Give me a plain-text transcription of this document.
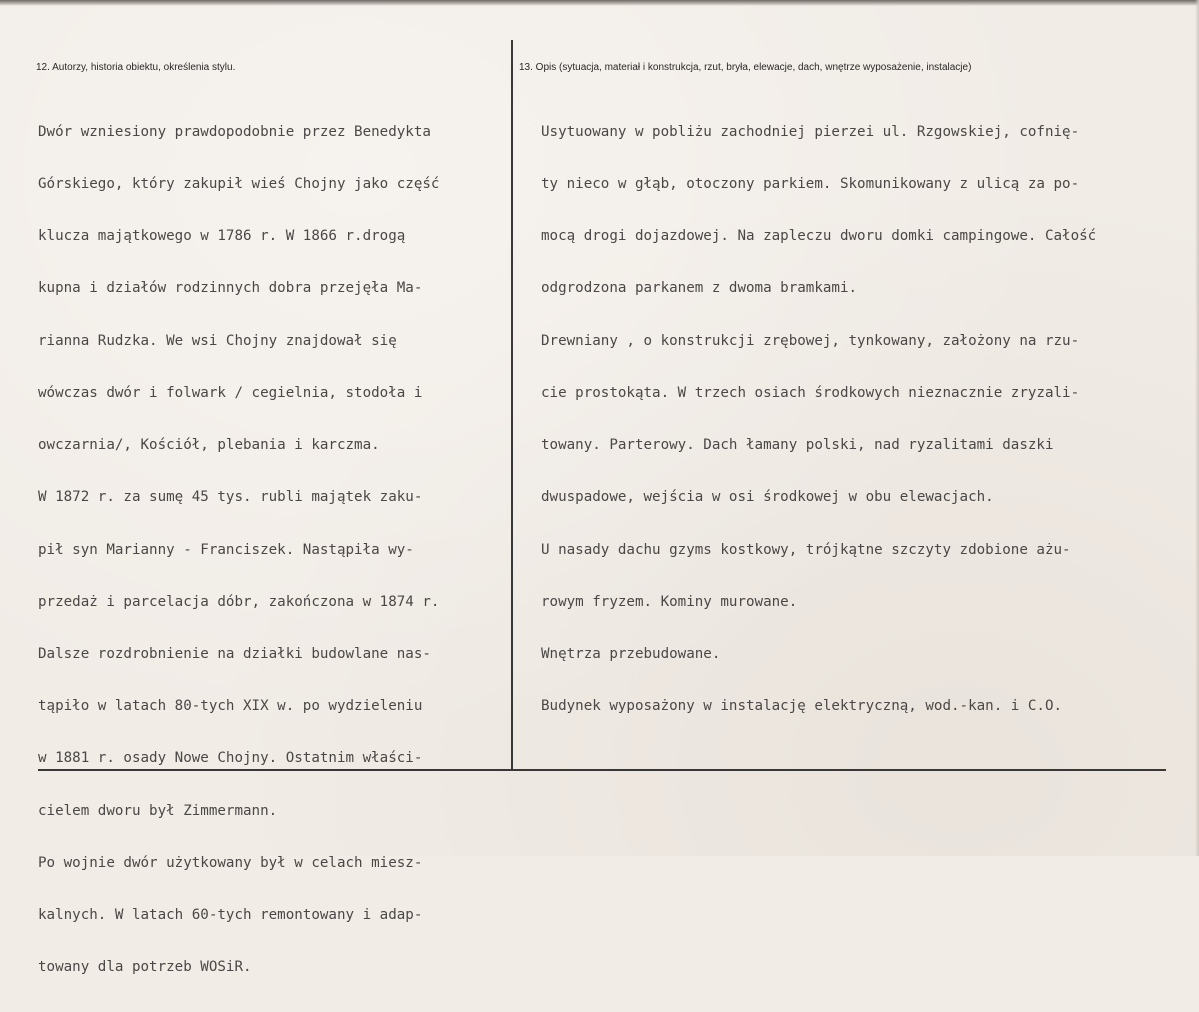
12. Autorzy, historia obiektu, określenia stylu.	13. Opis (sytuacja, materiał i konstrukcja, rzut, bryła, elewacje, dach, wnętrze wyposażenie, instalacje)

Dwór wzniesiony prawdopodobnie przez Benedykta

Górskiego, który zakupił wieś Chojny jako część

klucza majątkowego w 1786 r. W 1866 r.drogą

kupna i działów rodzinnych dobra przejęła Ma-

rianna Rudzka. We wsi Chojny znajdował się

wówczas dwór i folwark / cegielnia, stodoła i

owczarnia/, Kościół, plebania i karczma.

W 1872 r. za sumę 45 tys. rubli majątek zaku-

pił syn Marianny - Franciszek. Nastąpiła wy-

przedaż i parcelacja dóbr, zakończona w 1874 r.

Dalsze rozdrobnienie na działki budowlane nas-

tąpiło w latach 80-tych XIX w. po wydzieleniu

w 1881 r. osady Nowe Chojny. Ostatnim właści-

cielem dworu był Zimmermann.

Po wojnie dwór użytkowany był w celach miesz-

kalnych. W latach 60-tych remontowany i adap-

towany dla potrzeb WOSiR.

Usytuowany w pobliżu zachodniej pierzei ul. Rzgowskiej, cofnię-

ty nieco w głąb, otoczony parkiem. Skomunikowany z ulicą za po-

mocą drogi dojazdowej. Na zapleczu dworu domki campingowe. Całość

odgrodzona parkanem z dwoma bramkami.

Drewniany , o konstrukcji zrębowej, tynkowany, założony na rzu-

cie prostokąta. W trzech osiach środkowych nieznacznie zryzali-

towany. Parterowy. Dach łamany polski, nad ryzalitami daszki

dwuspadowe, wejścia w osi środkowej w obu elewacjach.

U nasady dachu gzyms kostkowy, trójkątne szczyty zdobione ażu-

rowym fryzem. Kominy murowane.

Wnętrza przebudowane.

Budynek wyposażony w instalację elektryczną, wod.-kan. i C.O.
